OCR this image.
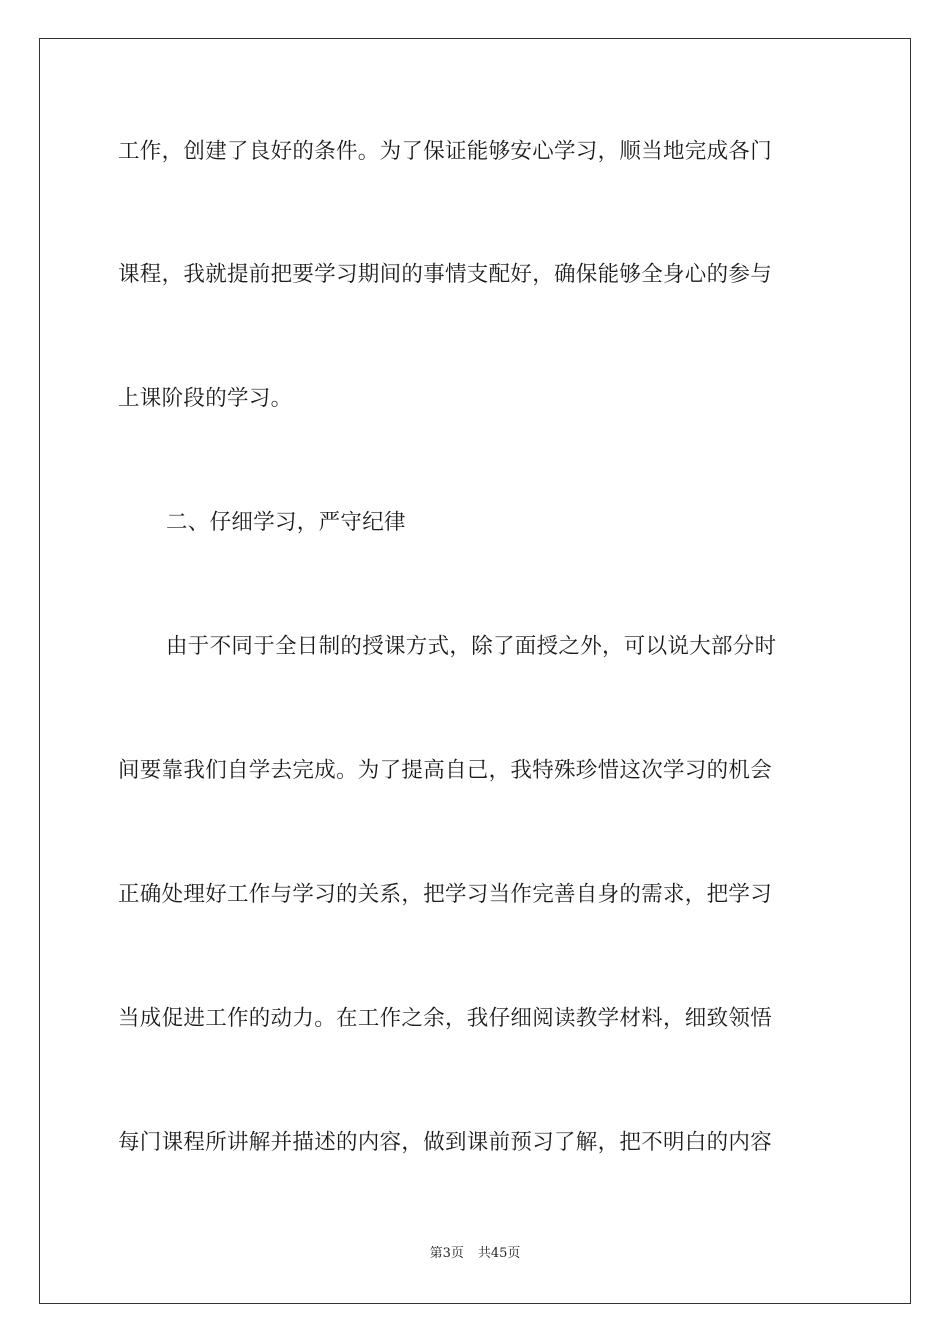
工作，创建了良好的条件。为了保证能够安心学习，顺当地完成各门
课程，我就提前把要学习期间的事情支配好，确保能够全身心的参与
上课阶段的学习。
二、仔细学习，严守纪律
由于不同于全日制的授课方式，除了面授之外，可以说大部分时
间要靠我们自学去完成。为了提高自己，我特殊珍惜这次学习的机会
正确处理好工作与学习的关系，把学习当作完善自身的需求，把学习
当成促进工作的动力。在工作之余，我仔细阅读教学材料，细致领悟
每门课程所讲解并描述的内容，做到课前预习了解，把不明白的内容
第3页 共45页
